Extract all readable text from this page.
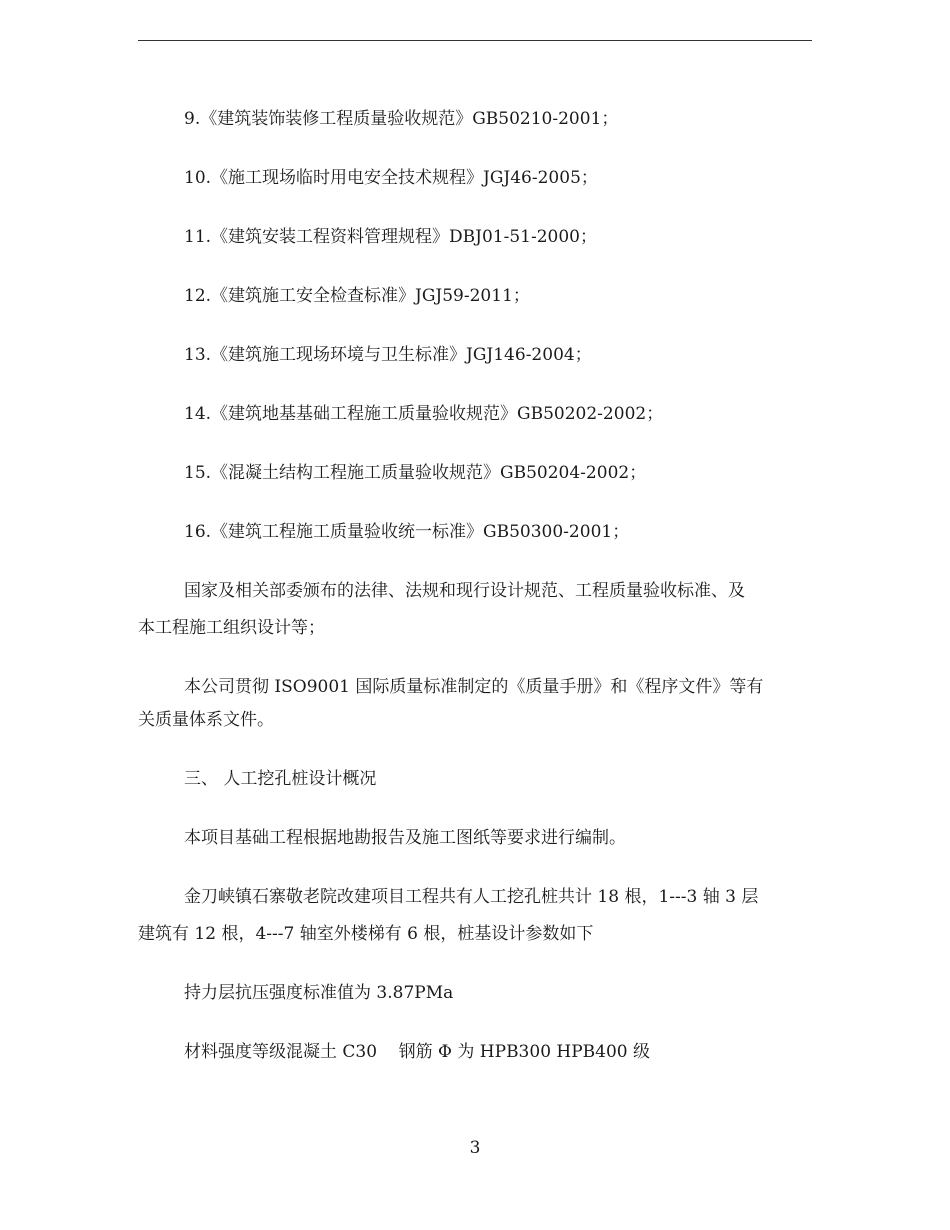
9.《建筑装饰装修工程质量验收规范》GB50210-2001；
10.《施工现场临时用电安全技术规程》JGJ46-2005；
11.《建筑安装工程资料管理规程》DBJ01-51-2000；
12.《建筑施工安全检查标准》JGJ59-2011；
13.《建筑施工现场环境与卫生标准》JGJ146-2004；
14.《建筑地基基础工程施工质量验收规范》GB50202-2002；
15.《混凝土结构工程施工质量验收规范》GB50204-2002；
16.《建筑工程施工质量验收统一标准》GB50300-2001；
国家及相关部委颁布的法律、法规和现行设计规范、工程质量验收标准、及
本工程施工组织设计等；
本公司贯彻 ISO9001 国际质量标准制定的《质量手册》和《程序文件》等有
关质量体系文件。
三、 人工挖孔桩设计概况
本项目基础工程根据地勘报告及施工图纸等要求进行编制。
金刀峡镇石寨敬老院改建项目工程共有人工挖孔桩共计 18 根，1---3 轴 3 层
建筑有 12 根，4---7 轴室外楼梯有 6 根，桩基设计参数如下
持力层抗压强度标准值为 3.87PMa
材料强度等级混凝土 C30    钢筋 Φ 为 HPB300 HPB400 级
3
